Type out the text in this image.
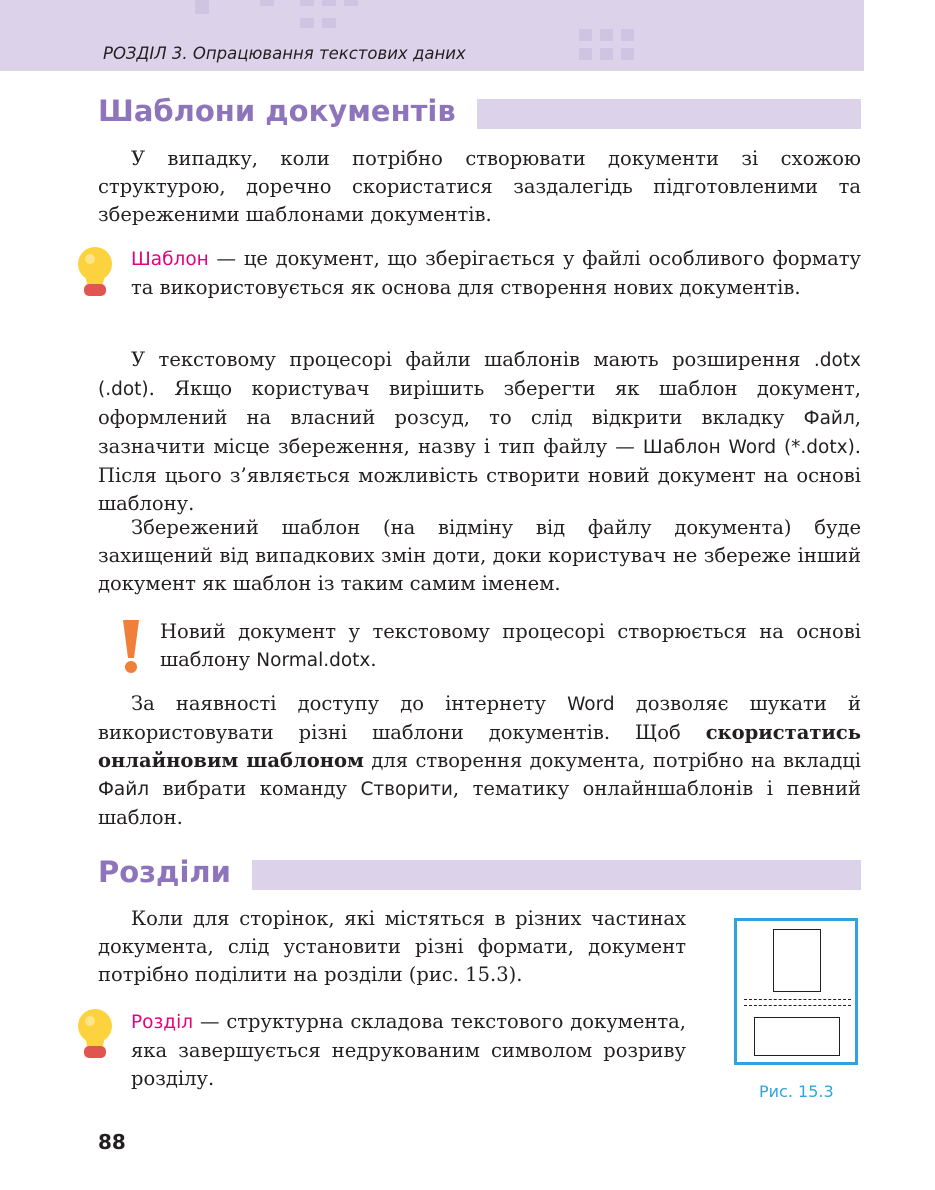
РОЗДІЛ 3. Опрацювання текстових даних
Шаблони документів

У випадку, коли потрібно створювати документи зі схожою структурою, доречно скористатися заздалегідь підготовленими та збереженими шаблонами документів.

Шаблон — це документ, що зберігається у файлі особливого формату та використовується як основа для створення нових документів.

У текстовому процесорі файли шаблонів мають розширення .dotx (.dot). Якщо користувач вирішить зберегти як шаблон документ, оформлений на власний розсуд, то слід відкрити вкладку Файл, зазначити місце збереження, назву і тип файлу — Шаблон Word (*.dotx). Після цього з’являється можливість створити новий документ на основі шаблону.

Збережений шаблон (на відміну від файлу документа) буде захищений від випадкових змін доти, доки користувач не збереже інший документ як шаблон із таким самим іменем.

Новий документ у текстовому процесорі створюється на основі шаблону Normal.dotx.

За наявності доступу до інтернету Word дозволяє шукати й використовувати різні шаблони документів. Щоб скористатись онлайновим шаблоном для створення документа, потрібно на вкладці Файл вибрати команду Створити, тематику онлайншаблонів і певний шаблон.

Розділи

Коли для сторінок, які містяться в різних частинах документа, слід установити різні формати, документ потрібно поділити на розділи (рис. 15.3).

Розділ — структурна складова текстового документа, яка завершується недрукованим символом розриву розділу.

Рис. 15.3
88
